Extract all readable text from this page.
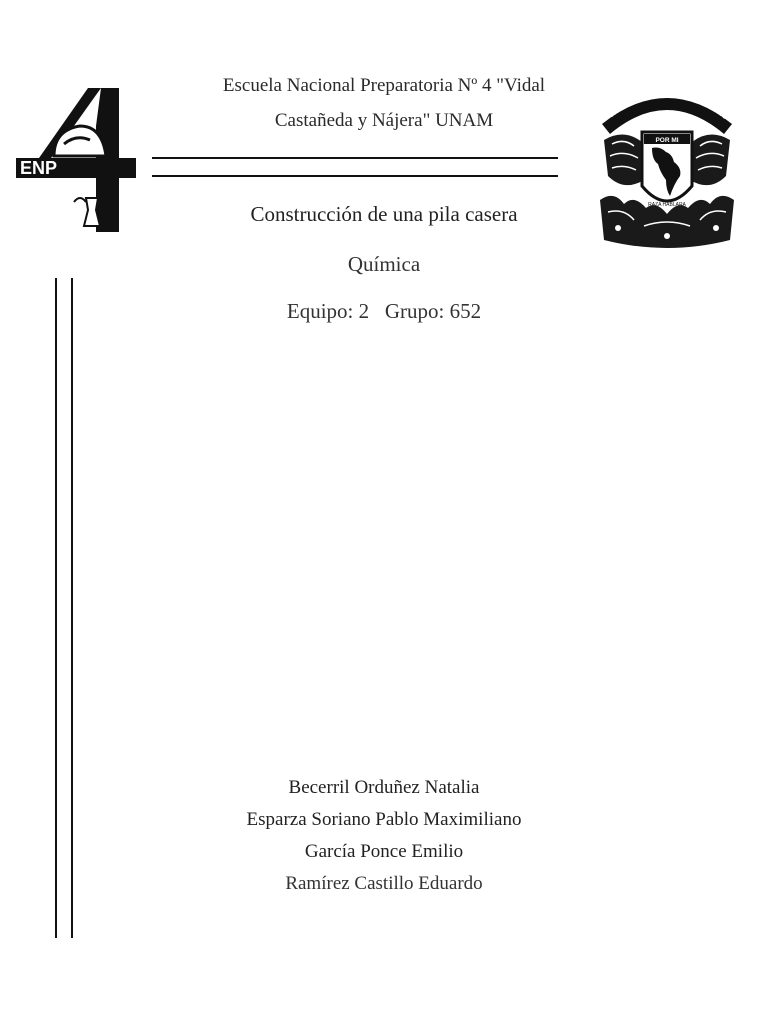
ENP
Escuela Nacional Preparatoria Nº 4 "Vidal
Castañeda y Nájera" UNAM	UNIVERSIDAD NACIONAL AUTONO
POR MI
RAZA HABLARA
Construcción de una pila casera
Química
Equipo: 2   Grupo: 652
Becerril Orduñez Natalia
Esparza Soriano Pablo Maximiliano
García Ponce Emilio
Ramírez Castillo Eduardo
